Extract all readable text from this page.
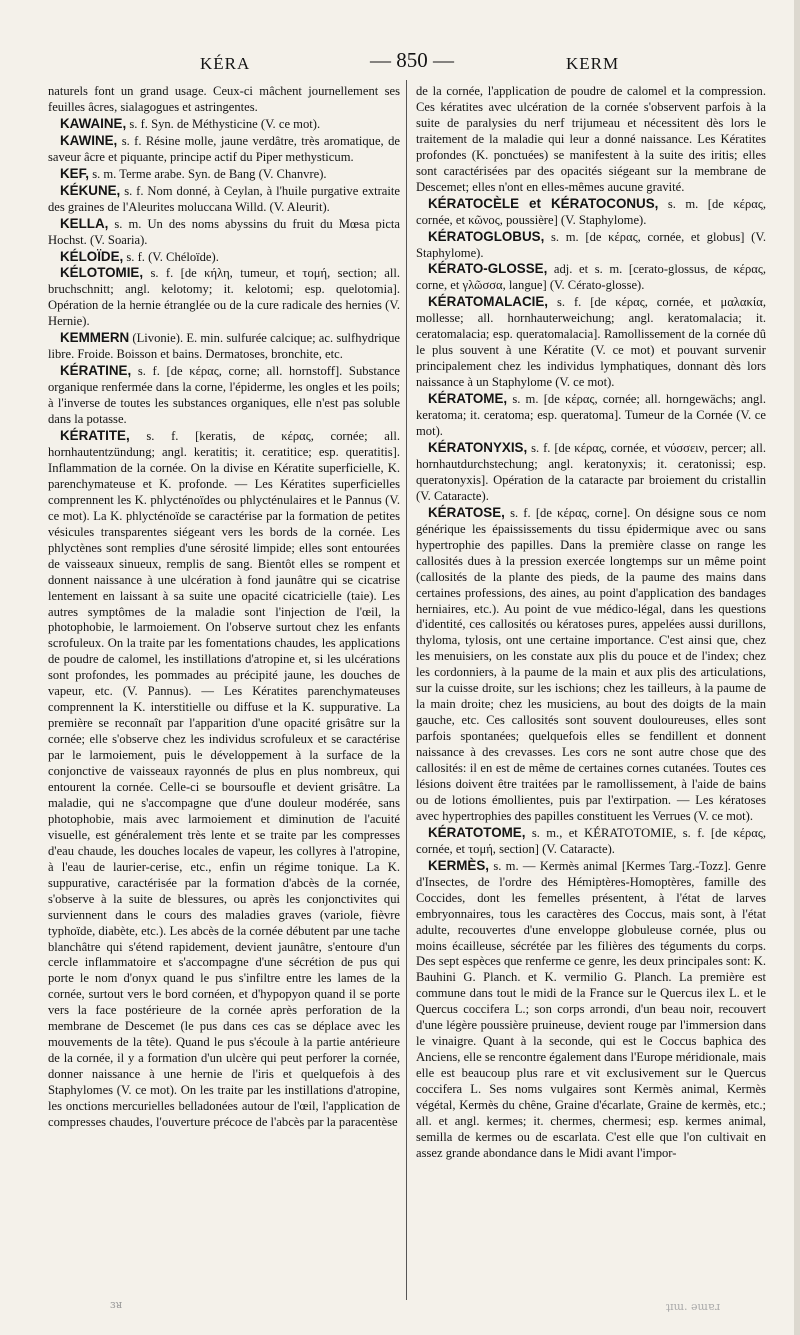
KÉRA	— 850 —	KERM

naturels font un grand usage. Ceux-ci mâchent journellement ses feuilles âcres, sialagogues et astringentes.

KAWAINE, s. f. Syn. de Méthysticine (V. ce mot).

KAWINE, s. f. Résine molle, jaune verdâtre, très aromatique, de saveur âcre et piquante, principe actif du Piper methysticum.

KEF, s. m. Terme arabe. Syn. de Bang (V. Chanvre).

KÉKUNE, s. f. Nom donné, à Ceylan, à l'huile purgative extraite des graines de l'Aleurites moluccana Willd. (V. Aleurit).

KELLA, s. m. Un des noms abyssins du fruit du Mœsa picta Hochst. (V. Soaria).

KÉLOÏDE, s. f. (V. Chéloïde).

KÉLOTOMIE, s. f. [de κήλη, tumeur, et τομή, section; all. bruchschnitt; angl. kelotomy; it. kelotomi; esp. quelotomia]. Opération de la hernie étranglée ou de la cure radicale des hernies (V. Hernie).

KEMMERN (Livonie). E. min. sulfurée calcique; ac. sulfhydrique libre. Froide. Boisson et bains. Dermatoses, bronchite, etc.

KÉRATINE, s. f. [de κέρας, corne; all. hornstoff]. Substance organique renfermée dans la corne, l'épiderme, les ongles et les poils; à l'inverse de toutes les substances organiques, elle n'est pas soluble dans la potasse.

KÉRATITE, s. f. [keratis, de κέρας, cornée; all. hornhautentzündung; angl. keratitis; it. ceratitice; esp. queratitis]. Inflammation de la cornée. On la divise en Kératite superficielle, K. parenchymateuse et K. profonde. — Les Kératites superficielles comprennent les K. phlycténoïdes ou phlycténulaires et le Pannus (V. ce mot). La K. phlycténoïde se caractérise par la formation de petites vésicules transparentes siégeant vers les bords de la cornée. Les phlyctènes sont remplies d'une sérosité limpide; elles sont entourées de vaisseaux sinueux, remplis de sang. Bientôt elles se rompent et donnent naissance à une ulcération à fond jaunâtre qui se cicatrise lentement en laissant à sa suite une opacité cicatricielle (taie). Les autres symptômes de la maladie sont l'injection de l'œil, la photophobie, le larmoiement. On l'observe surtout chez les enfants scrofuleux. On la traite par les fomentations chaudes, les applications de poudre de calomel, les instillations d'atropine et, si les ulcérations sont profondes, les pommades au précipité jaune, les douches de vapeur, etc. (V. Pannus). — Les Kératites parenchymateuses comprennent la K. interstitielle ou diffuse et la K. suppurative. La première se reconnaît par l'apparition d'une opacité grisâtre sur la cornée; elle s'observe chez les individus scrofuleux et se caractérise par le larmoiement, puis le développement à la surface de la conjonctive de vaisseaux rayonnés de plus en plus nombreux, qui entourent la cornée. Celle-ci se boursoufle et devient grisâtre. La maladie, qui ne s'accompagne que d'une douleur modérée, sans photophobie, mais avec larmoiement et diminution de l'acuité visuelle, est généralement très lente et se traite par les compresses d'eau chaude, les douches locales de vapeur, les collyres à l'atropine, à l'eau de laurier-cerise, etc., enfin un régime tonique. La K. suppurative, caractérisée par la formation d'abcès de la cornée, s'observe à la suite de blessures, ou après les conjonctivites qui surviennent dans le cours des maladies graves (variole, fièvre typhoïde, diabète, etc.). Les abcès de la cornée débutent par une tache blanchâtre qui s'étend rapidement, devient jaunâtre, s'entoure d'un cercle inflammatoire et s'accompagne d'une sécrétion de pus qui porte le nom d'onyx quand le pus s'infiltre entre les lames de la cornée, surtout vers le bord cornéen, et d'hypopyon quand il se porte vers la face postérieure de la cornée après perforation de la membrane de Descemet (le pus dans ces cas se déplace avec les mouvements de la tête). Quand le pus s'écoule à la partie antérieure de la cornée, il y a formation d'un ulcère qui peut perforer la cornée, donner naissance à une hernie de l'iris et quelquefois à des Staphylomes (V. ce mot). On les traite par les instillations d'atropine, les onctions mercurielles belladonées autour de l'œil, l'application de compresses chaudes, l'ouverture précoce de l'abcès par la paracentèse

de la cornée, l'application de poudre de calomel et la compression. Ces kératites avec ulcération de la cornée s'observent parfois à la suite de paralysies du nerf trijumeau et nécessitent dès lors le traitement de la maladie qui leur a donné naissance. Les Kératites profondes (K. ponctuées) se manifestent à la suite des iritis; elles sont caractérisées par des opacités siégeant sur la membrane de Descemet; elles n'ont en elles-mêmes aucune gravité.

KÉRATOCÈLE et KÉRATOCONUS, s. m. [de κέρας, cornée, et κῶνος, poussière] (V. Staphylome).

KÉRATOGLOBUS, s. m. [de κέρας, cornée, et globus] (V. Staphylome).

KÉRATO-GLOSSE, adj. et s. m. [cerato-glossus, de κέρας, corne, et γλῶσσα, langue] (V. Cérato-glosse).

KÉRATOMALACIE, s. f. [de κέρας, cornée, et μαλακία, mollesse; all. hornhauterweichung; angl. keratomalacia; it. ceratomalacia; esp. queratomalacia]. Ramollissement de la cornée dû le plus souvent à une Kératite (V. ce mot) et pouvant survenir principalement chez les individus lymphatiques, donnant dès lors naissance à un Staphylome (V. ce mot).

KÉRATOME, s. m. [de κέρας, cornée; all. horngewächs; angl. keratoma; it. ceratoma; esp. queratoma]. Tumeur de la Cornée (V. ce mot).

KÉRATONYXIS, s. f. [de κέρας, cornée, et νύσσειν, percer; all. hornhautdurchstechung; angl. keratonyxis; it. ceratonissi; esp. queratonyxis]. Opération de la cataracte par broiement du cristallin (V. Cataracte).

KÉRATOSE, s. f. [de κέρας, corne]. On désigne sous ce nom générique les épaississements du tissu épidermique avec ou sans hypertrophie des papilles. Dans la première classe on range les callosités dues à la pression exercée longtemps sur un même point (callosités de la plante des pieds, de la paume des mains dans certaines professions, des aines, au point d'application des bandages herniaires, etc.). Au point de vue médico-légal, dans les questions d'identité, ces callosités ou kératoses pures, appelées aussi durillons, thyloma, tylosis, ont une certaine importance. C'est ainsi que, chez les menuisiers, on les constate aux plis du pouce et de l'index; chez les cordonniers, à la paume de la main et aux plis des articulations, sur la cuisse droite, sur les ischions; chez les tailleurs, à la paume de la main droite; chez les musiciens, au bout des doigts de la main gauche, etc. Ces callosités sont souvent douloureuses, elles sont parfois spontanées; quelquefois elles se fendillent et donnent naissance à des crevasses. Les cors ne sont autre chose que des callosités: il en est de même de certaines cornes cutanées. Toutes ces lésions doivent être traitées par le ramollissement, à l'aide de bains ou de lotions émollientes, puis par l'extirpation. — Les kératoses avec hypertrophies des papilles constituent les Verrues (V. ce mot).

KÉRATOTOME, s. m., et KÉRATOTOMIE, s. f. [de κέρας, cornée, et τομή, section] (V. Cataracte).

KERMÈS, s. m. — Kermès animal [Kermes Targ.-Tozz]. Genre d'Insectes, de l'ordre des Hémiptères-Homoptères, famille des Coccides, dont les femelles présentent, à l'état de larves embryonnaires, tous les caractères des Coccus, mais sont, à l'état adulte, recouvertes d'une enveloppe globuleuse cornée, plus ou moins écailleuse, sécrétée par les filières des téguments du corps. Des sept espèces que renferme ce genre, les deux principales sont: K. Bauhini G. Planch. et K. vermilio G. Planch. La première est commune dans tout le midi de la France sur le Quercus ilex L. et le Quercus coccifera L.; son corps arrondi, d'un beau noir, recouvert d'une légère poussière pruineuse, devient rouge par l'immersion dans le vinaigre. Quant à la seconde, qui est le Coccus baphica des Anciens, elle se rencontre également dans l'Europe méridionale, mais elle est beaucoup plus rare et vit exclusivement sur le Quercus coccifera L. Ses noms vulgaires sont Kermès animal, Kermès végétal, Kermès du chêne, Graine d'écarlate, Graine de kermès, etc.; all. et angl. kermes; it. chermes, chermesi; esp. kermes animal, semilla de kermes ou de escarlata. C'est elle que l'on cultivait en assez grande abondance dans le Midi avant l'impor-

ɜᴚ	ʇɪɯ. ǝɯɐɹ
